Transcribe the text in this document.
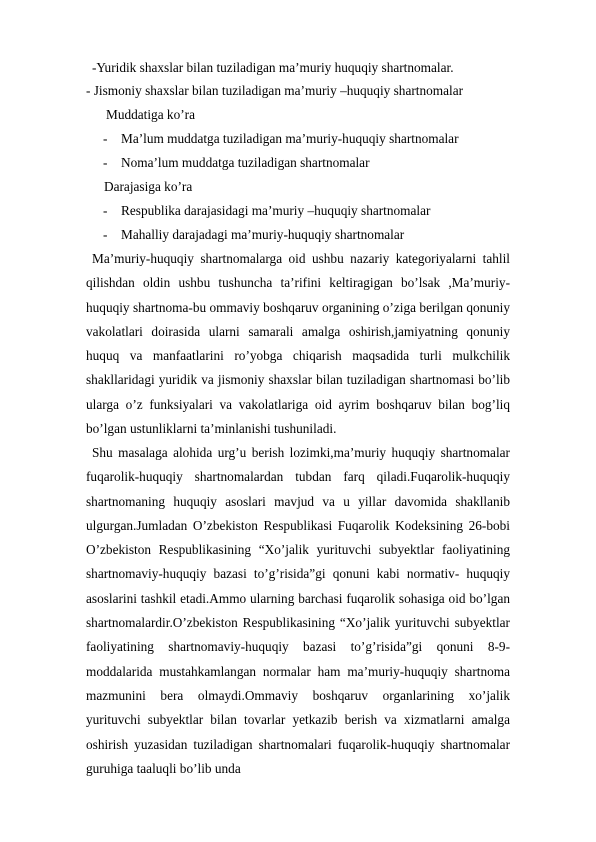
-Yuridik shaxslar bilan tuziladigan ma’muriy huquqiy shartnomalar.
- Jismoniy shaxslar bilan tuziladigan ma’muriy –huquqiy shartnomalar
Muddatiga ko’ra
- Ma’lum muddatga tuziladigan ma’muriy-huquqiy shartnomalar
- Noma’lum muddatga tuziladigan shartnomalar
Darajasiga ko’ra
- Respublika darajasidagi ma’muriy –huquqiy shartnomalar
- Mahalliy darajadagi ma’muriy-huquqiy shartnomalar

Ma’muriy-huquqiy shartnomalarga oid ushbu nazariy kategoriyalarni tahlil qilishdan oldin ushbu tushuncha ta’rifini keltiragigan bo’lsak ,Ma’muriy-huquqiy shartnoma-bu ommaviy boshqaruv organining o’ziga berilgan qonuniy vakolatlari doirasida ularni samarali amalga oshirish,jamiyatning qonuniy huquq va manfaatlarini ro’yobga chiqarish maqsadida turli mulkchilik shakllaridagi yuridik va jismoniy shaxslar bilan tuziladigan shartnomasi bo’lib ularga o’z funksiyalari va vakolatlariga oid ayrim boshqaruv bilan bog’liq bo’lgan ustunliklarni ta’minlanishi tushuniladi.

Shu masalaga alohida urg’u berish lozimki,ma’muriy huquqiy shartnomalar fuqarolik-huquqiy shartnomalardan tubdan farq qiladi.Fuqarolik-huquqiy shartnomaning huquqiy asoslari mavjud va u yillar davomida shakllanib ulgurgan.Jumladan O’zbekiston Respublikasi Fuqarolik Kodeksining 26-bobi O’zbekiston Respublikasining “Xo’jalik yurituvchi subyektlar faoliyatining shartnomaviy-huquqiy bazasi to’g’risida”gi qonuni kabi normativ- huquqiy asoslarini tashkil etadi.Ammo ularning barchasi fuqarolik sohasiga oid bo’lgan shartnomalardir.O’zbekiston Respublikasining “Xo’jalik yurituvchi subyektlar faoliyatining shartnomaviy-huquqiy bazasi to’g’risida”gi qonuni 8-9-moddalarida mustahkamlangan normalar ham ma’muriy-huquqiy shartnoma mazmunini bera olmaydi.Ommaviy boshqaruv organlarining xo’jalik yurituvchi subyektlar bilan tovarlar yetkazib berish va xizmatlarni amalga oshirish yuzasidan tuziladigan shartnomalari fuqarolik-huquqiy shartnomalar guruhiga taaluqli bo’lib unda
